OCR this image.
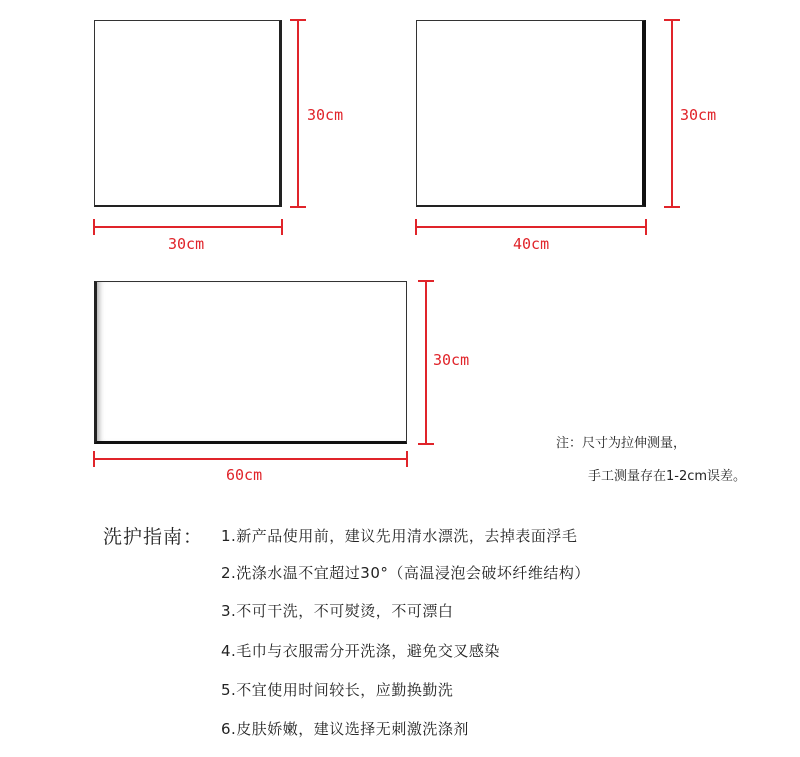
30cm
30cm
40cm
30cm
60cm
30cm
注：尺寸为拉伸测量，
手工测量存在1-2cm误差。
洗护指南： 1.新产品使用前，建议先用清水漂洗，去掉表面浮毛
2.洗涤水温不宜超过30°（高温浸泡会破坏纤维结构）
3.不可干洗，不可熨烫，不可漂白
4.毛巾与衣服需分开洗涤，避免交叉感染
5.不宜使用时间较长，应勤换勤洗
6.皮肤娇嫩，建议选择无刺激洗涤剂
